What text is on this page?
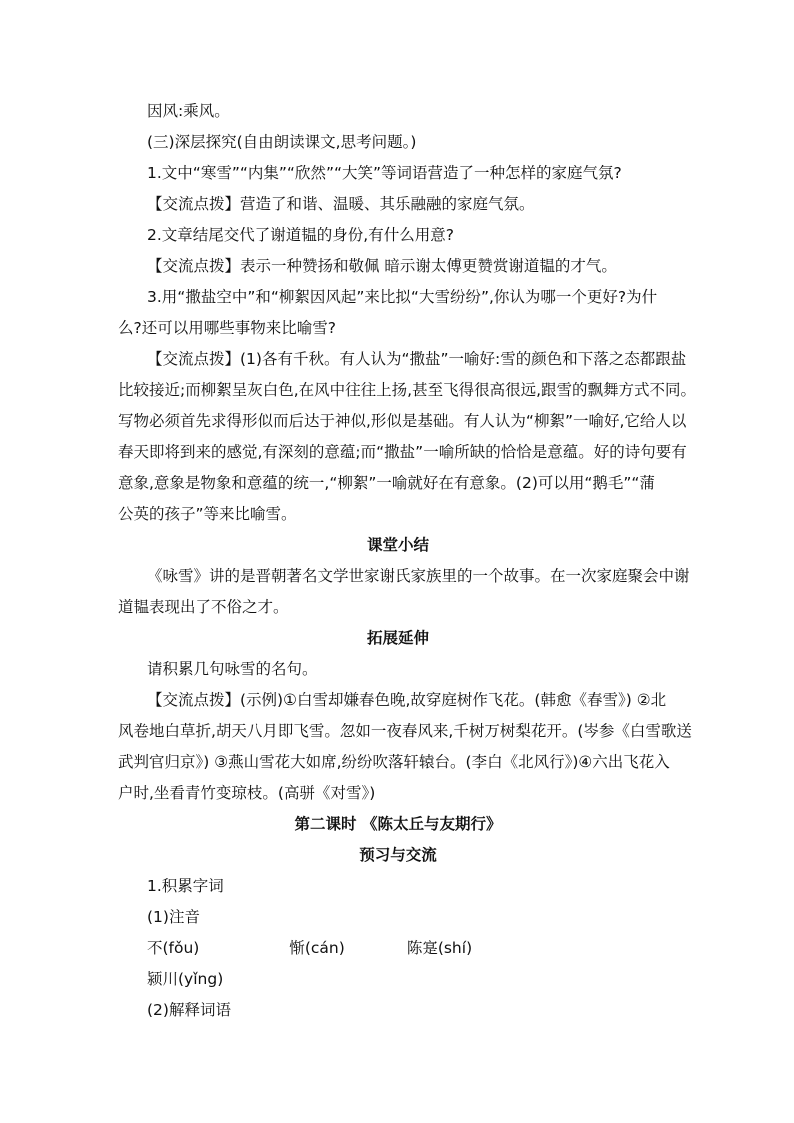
因风:乘风。

(三)深层探究(自由朗读课文,思考问题。)

1.文中“寒雪”“内集”“欣然”“大笑”等词语营造了一种怎样的家庭气氛?

【交流点拨】营造了和谐、温暖、其乐融融的家庭气氛。

2.文章结尾交代了谢道韫的身份,有什么用意?

【交流点拨】表示一种赞扬和敬佩 暗示谢太傅更赞赏谢道韫的才气。

3.用“撒盐空中”和“柳絮因风起”来比拟“大雪纷纷”,你认为哪一个更好?为什

么?还可以用哪些事物来比喻雪?

【交流点拨】(1)各有千秋。有人认为“撒盐”一喻好:雪的颜色和下落之态都跟盐

比较接近;而柳絮呈灰白色,在风中往往上扬,甚至飞得很高很远,跟雪的飘舞方式不同。

写物必须首先求得形似而后达于神似,形似是基础。有人认为“柳絮”一喻好,它给人以

春天即将到来的感觉,有深刻的意蕴;而“撒盐”一喻所缺的恰恰是意蕴。好的诗句要有

意象,意象是物象和意蕴的统一,“柳絮”一喻就好在有意象。(2)可以用“鹅毛”“蒲

公英的孩子”等来比喻雪。

课堂小结

《咏雪》讲的是晋朝著名文学世家谢氏家族里的一个故事。在一次家庭聚会中谢

道韫表现出了不俗之才。

拓展延伸

请积累几句咏雪的名句。

【交流点拨】(示例)①白雪却嫌春色晚,故穿庭树作飞花。(韩愈《春雪》) ②北

风卷地白草折,胡天八月即飞雪。忽如一夜春风来,千树万树梨花开。(岑参《白雪歌送

武判官归京》) ③燕山雪花大如席,纷纷吹落轩辕台。(李白《北风行》)④六出飞花入

户时,坐看青竹变琼枝。(高骈《对雪》)

第二课时 《陈太丘与友期行》

预习与交流

1.积累字词

(1)注音

不(fǒu)	惭(cán)	陈寔(shí)

颍川(yǐng)

(2)解释词语
